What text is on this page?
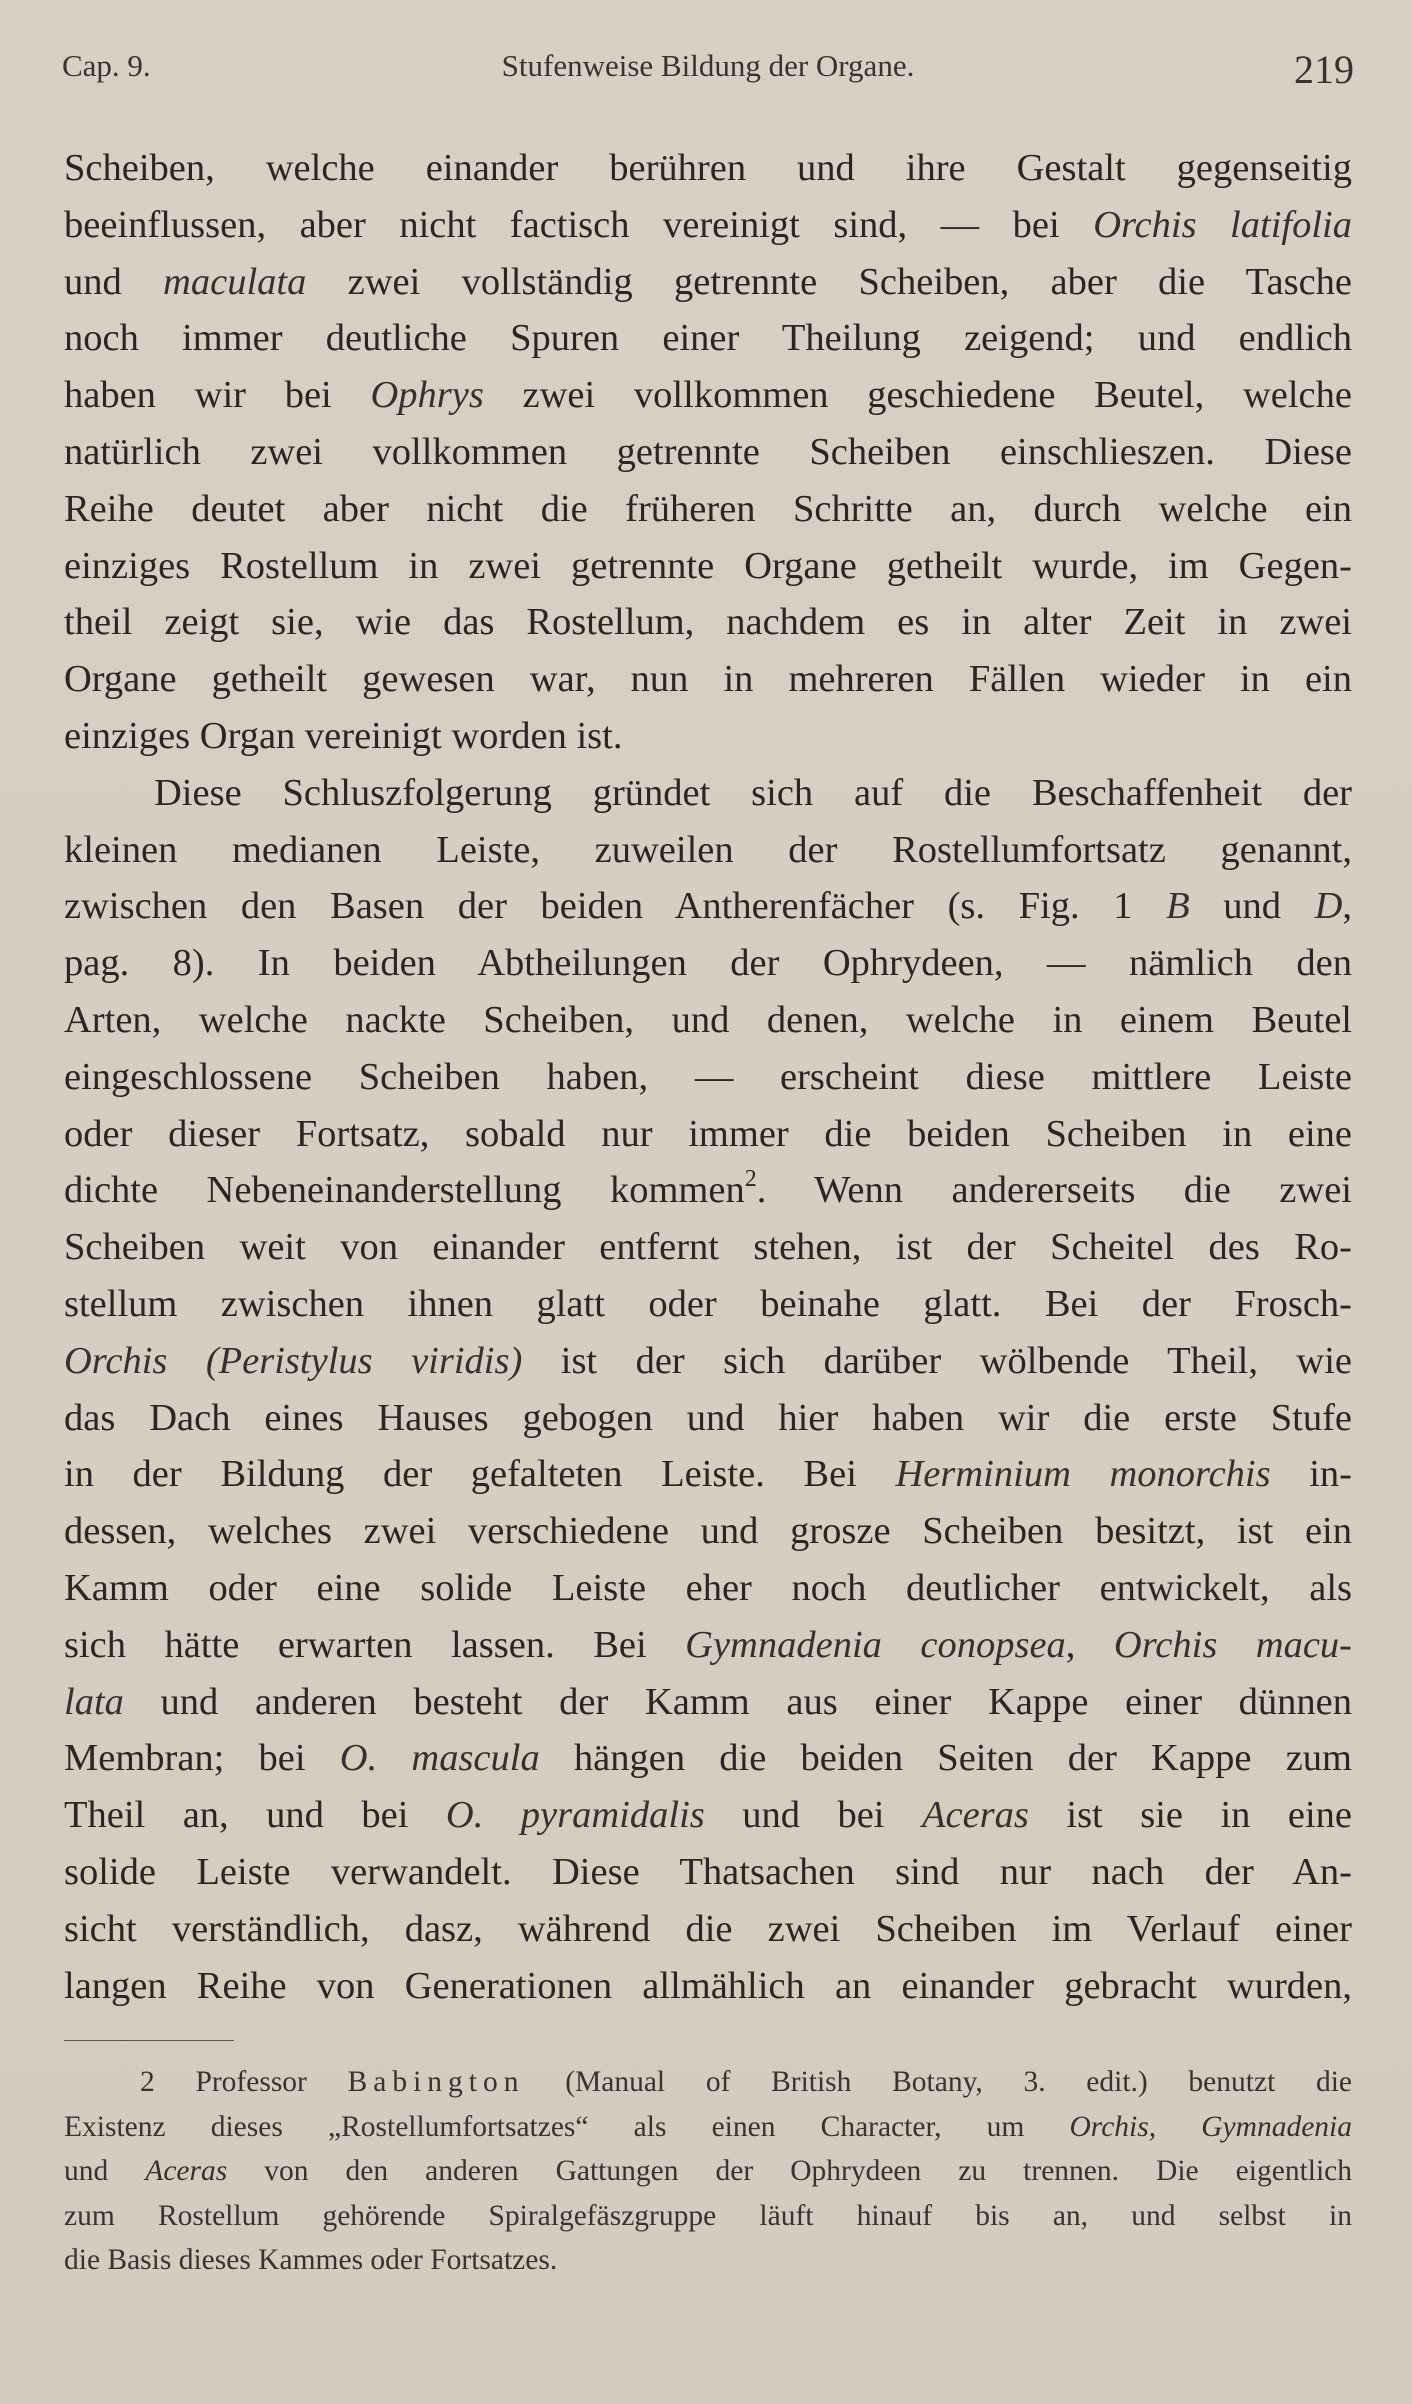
Cap. 9.	Stufenweise Bildung der Organe.	219
Scheiben, welche einander berühren und ihre Gestalt gegenseitig
beeinflussen, aber nicht factisch vereinigt sind, — bei Orchis latifolia
und maculata zwei vollständig getrennte Scheiben, aber die Tasche
noch immer deutliche Spuren einer Theilung zeigend; und endlich
haben wir bei Ophrys zwei vollkommen geschiedene Beutel, welche
natürlich zwei vollkommen getrennte Scheiben einschlieszen. Diese
Reihe deutet aber nicht die früheren Schritte an, durch welche ein
einziges Rostellum in zwei getrennte Organe getheilt wurde, im Gegen-
theil zeigt sie, wie das Rostellum, nachdem es in alter Zeit in zwei
Organe getheilt gewesen war, nun in mehreren Fällen wieder in ein
einziges Organ vereinigt worden ist.
Diese Schluszfolgerung gründet sich auf die Beschaffenheit der
kleinen medianen Leiste, zuweilen der Rostellumfortsatz genannt,
zwischen den Basen der beiden Antherenfächer (s. Fig. 1 B und D,
pag. 8). In beiden Abtheilungen der Ophrydeen, — nämlich den
Arten, welche nackte Scheiben, und denen, welche in einem Beutel
eingeschlossene Scheiben haben, — erscheint diese mittlere Leiste
oder dieser Fortsatz, sobald nur immer die beiden Scheiben in eine
dichte Nebeneinanderstellung kommen$^2$. Wenn andererseits die zwei
Scheiben weit von einander entfernt stehen, ist der Scheitel des Ro-
stellum zwischen ihnen glatt oder beinahe glatt. Bei der Frosch-
Orchis (Peristylus viridis) ist der sich darüber wölbende Theil, wie
das Dach eines Hauses gebogen und hier haben wir die erste Stufe
in der Bildung der gefalteten Leiste. Bei Herminium monorchis in-
dessen, welches zwei verschiedene und grosze Scheiben besitzt, ist ein
Kamm oder eine solide Leiste eher noch deutlicher entwickelt, als
sich hätte erwarten lassen. Bei Gymnadenia conopsea, Orchis macu-
lata und anderen besteht der Kamm aus einer Kappe einer dünnen
Membran; bei O. mascula hängen die beiden Seiten der Kappe zum
Theil an, und bei O. pyramidalis und bei Aceras ist sie in eine
solide Leiste verwandelt. Diese Thatsachen sind nur nach der An-
sicht verständlich, dasz, während die zwei Scheiben im Verlauf einer
langen Reihe von Generationen allmählich an einander gebracht wurden,
2 Professor Babington (Manual of British Botany, 3. edit.) benutzt die
Existenz dieses „Rostellumfortsatzes“ als einen Character, um Orchis, Gymnadenia
und Aceras von den anderen Gattungen der Ophrydeen zu trennen. Die eigentlich
zum Rostellum gehörende Spiralgefäszgruppe läuft hinauf bis an, und selbst in
die Basis dieses Kammes oder Fortsatzes.
